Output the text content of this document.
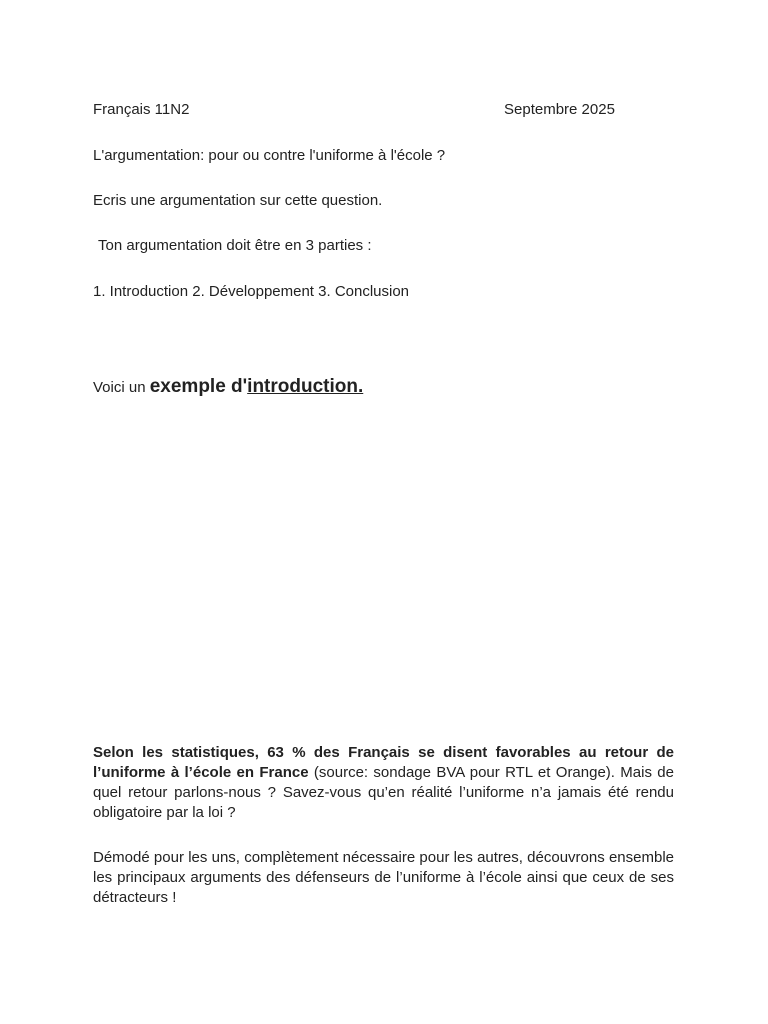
Français 11N2	Septembre 2025
L'argumentation: pour ou contre l'uniforme à l'école ?
Ecris une argumentation sur cette question.
Ton argumentation doit être en 3 parties :
1. Introduction 2. Développement 3. Conclusion
Voici un exemple d'introduction.

Selon les statistiques, 63 % des Français se disent favorables au retour de l’uniforme à l’école en France (source: sondage BVA pour RTL et Orange). Mais de quel retour parlons-nous ? Savez-vous qu’en réalité l’uniforme n’a jamais été rendu obligatoire par la loi ?

Démodé pour les uns, complètement nécessaire pour les autres, découvrons ensemble les principaux arguments des défenseurs de l’uniforme à l’école ainsi que ceux de ses détracteurs !
